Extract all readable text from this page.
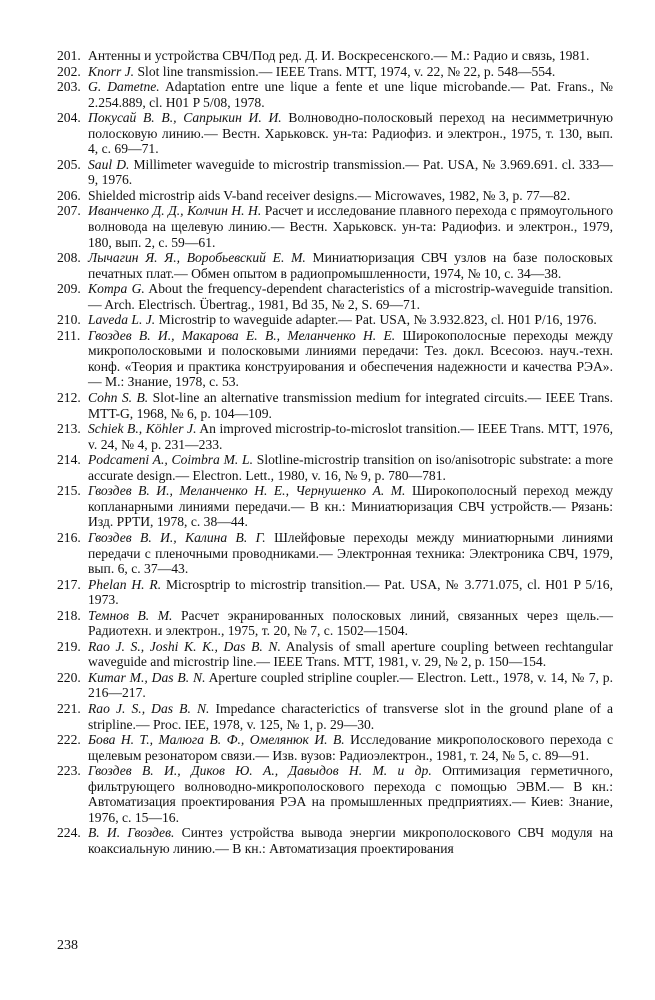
201. Антенны и устройства СВЧ/Под ред. Д. И. Воскресенского.— М.: Радио и связь, 1981.
202. Knorr J. Slot line transmission.— IEEE Trans. MTT, 1974, v. 22, № 22, p. 548—554.
203. G. Dametne. Adaptation entre une lique a fente et une lique microbande.— Pat. Frans., № 2.254.889, cl. H01 P 5/08, 1978.
204. Покусай В. В., Сапрыкин И. И. Волноводно-полосковый переход на несимметричную полосковую линию.— Вестн. Харьковск. ун-та: Радиофиз. и электрон., 1975, т. 130, вып. 4, с. 69—71.
205. Saul D. Millimeter waveguide to microstrip transmission.— Pat. USA, № 3.969.691. cl. 333—9, 1976.
206. Shielded microstrip aids V-band receiver designs.— Microwaves, 1982, № 3, p. 77—82.
207. Иванченко Д. Д., Колчин Н. Н. Расчет и исследование плавного перехода с прямоугольного волновода на щелевую линию.— Вестн. Харьковск. ун-та: Радиофиз. и электрон., 1979, 180, вып. 2, с. 59—61.
208. Лычагин Я. Я., Воробьевский Е. М. Миниатюризация СВЧ узлов на базе полосковых печатных плат.— Обмен опытом в радиопромышленности, 1974, № 10, с. 34—38.
209. Kompa G. About the frequency-dependent characteristics of a microstrip-waveguide transition.— Arch. Electrisch. Übertrag., 1981, Bd 35, № 2, S. 69—71.
210. Laveda L. J. Microstrip to waveguide adapter.— Pat. USA, № 3.932.823, cl. H01 P/16, 1976.
211. Гвоздев В. И., Макарова Е. В., Меланченко Н. Е. Широкополосные переходы между микрополосковыми и полосковыми линиями передачи: Тез. докл. Всесоюз. науч.-техн. конф. «Теория и практика конструирования и обеспечения надежности и качества РЭА».— М.: Знание, 1978, с. 53.
212. Cohn S. B. Slot-line an alternative transmission medium for integrated circuits.— IEEE Trans. MTT-G, 1968, № 6, p. 104—109.
213. Schiek B., Köhler J. An improved microstrip-to-microslot transition.— IEEE Trans. MTT, 1976, v. 24, № 4, p. 231—233.
214. Podcameni A., Coimbra M. L. Slotline-microstrip transition on iso/anisotropic substrate: a more accurate design.— Electron. Lett., 1980, v. 16, № 9, p. 780—781.
215. Гвоздев В. И., Меланченко Н. Е., Чернушенко А. М. Широкополосный переход между копланарными линиями передачи.— В кн.: Миниатюризация СВЧ устройств.— Рязань: Изд. РРТИ, 1978, с. 38—44.
216. Гвоздев В. И., Калина В. Г. Шлейфовые переходы между миниатюрными линиями передачи с пленочными проводниками.— Электронная техника: Электроника СВЧ, 1979, вып. 6, с. 37—43.
217. Phelan H. R. Microsptrip to microstrip transition.— Pat. USA, № 3.771.075, cl. H01 P 5/16, 1973.
218. Темнов В. М. Расчет экранированных полосковых линий, связанных через щель.— Радиотехн. и электрон., 1975, т. 20, № 7, с. 1502—1504.
219. Rao J. S., Joshi K. K., Das B. N. Analysis of small aperture coupling between rechtangular waveguide and microstrip line.— IEEE Trans. MTT, 1981, v. 29, № 2, p. 150—154.
220. Kumar M., Das B. N. Aperture coupled stripline coupler.— Electron. Lett., 1978, v. 14, № 7, p. 216—217.
221. Rao J. S., Das B. N. Impedance characterictics of transverse slot in the ground plane of a stripline.— Proc. IEE, 1978, v. 125, № 1, p. 29—30.
222. Бова Н. Т., Малюга В. Ф., Омелянюк И. В. Исследование микрополоскового перехода с щелевым резонатором связи.— Изв. вузов: Радиоэлектрон., 1981, т. 24, № 5, с. 89—91.
223. Гвоздев В. И., Диков Ю. А., Давыдов Н. М. и др. Оптимизация герметичного, фильтрующего волноводно-микрополоскового перехода с помощью ЭВМ.— В кн.: Автоматизация проектирования РЭА на промышленных предприятиях.— Киев: Знание, 1976, с. 15—16.
224. В. И. Гвоздев. Синтез устройства вывода энергии микрополоскового СВЧ модуля на коаксиальную линию.— В кн.: Автоматизация проектирования
238
